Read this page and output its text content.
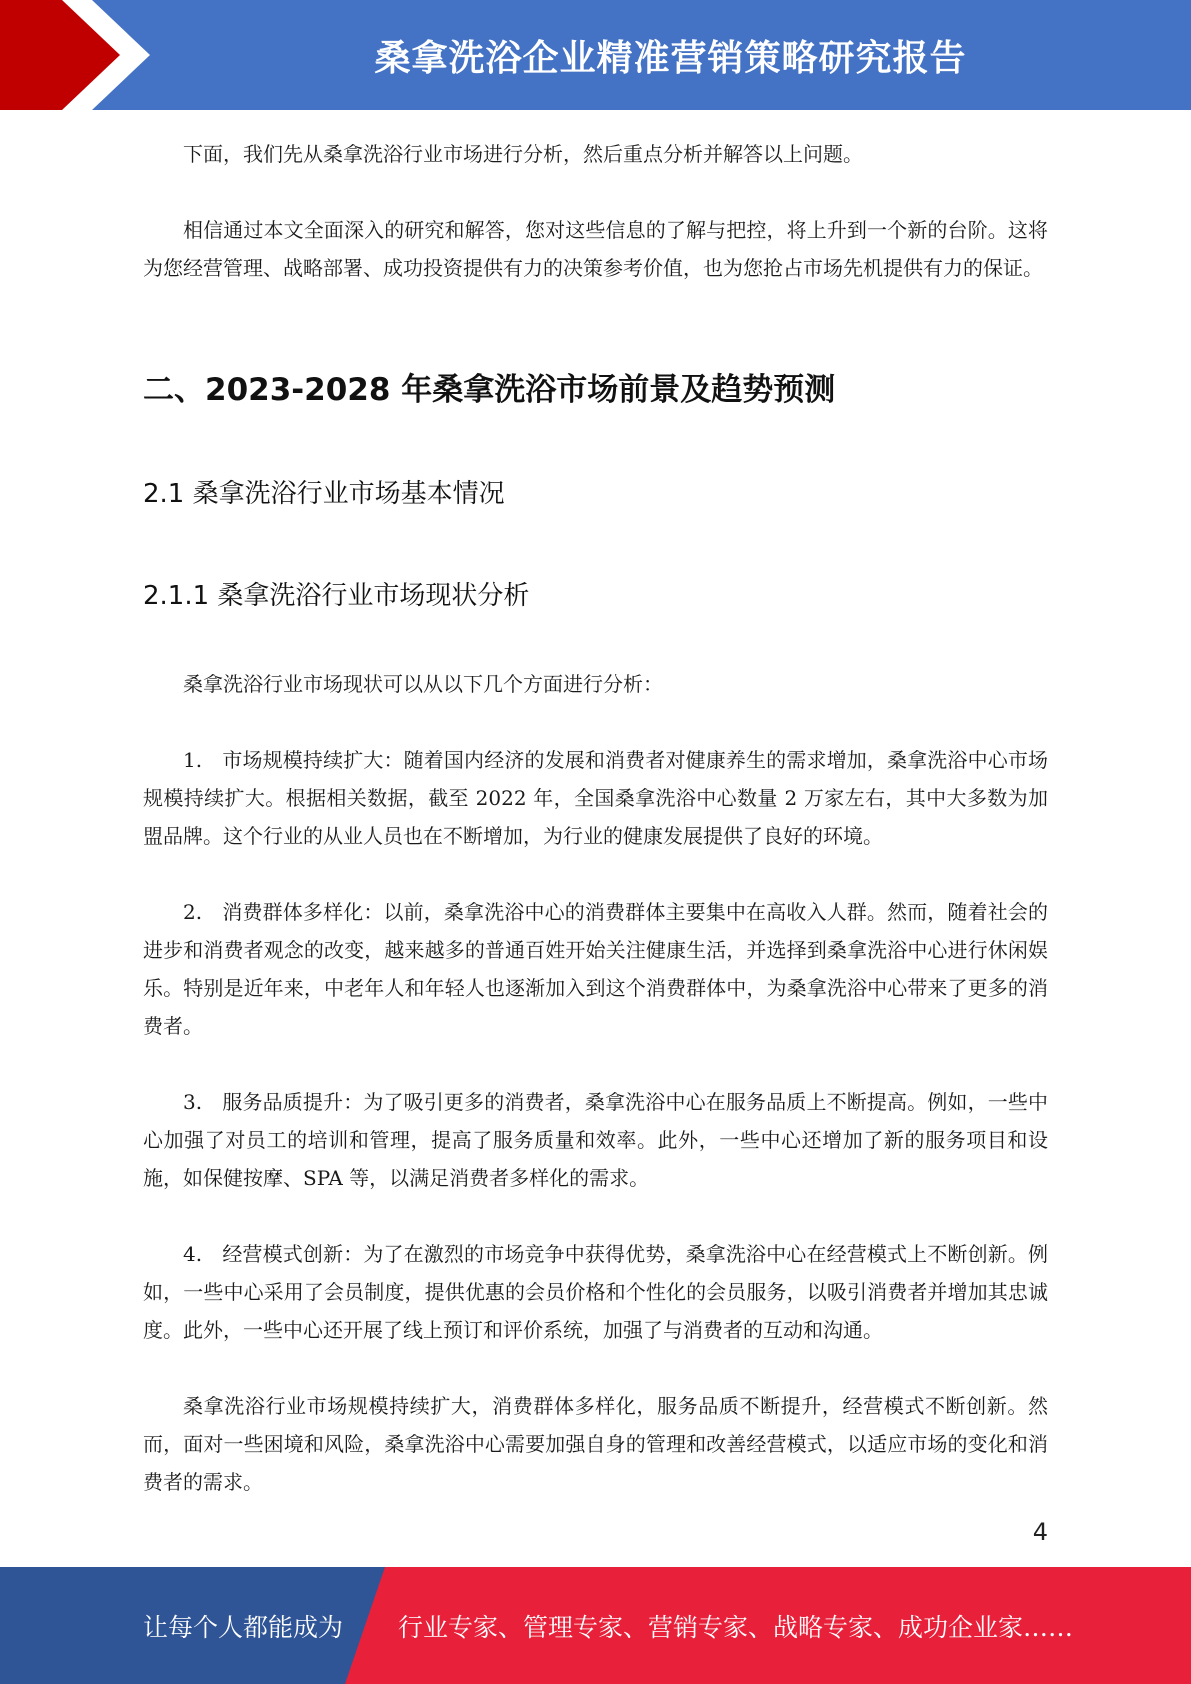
桑拿洗浴企业精准营销策略研究报告

下面，我们先从桑拿洗浴行业市场进行分析，然后重点分析并解答以上问题。

相信通过本文全面深入的研究和解答，您对这些信息的了解与把控，将上升到一个新的台阶。这将为您经营管理、战略部署、成功投资提供有力的决策参考价值，也为您抢占市场先机提供有力的保证。

二、2023-2028 年桑拿洗浴市场前景及趋势预测
2.1 桑拿洗浴行业市场基本情况
2.1.1 桑拿洗浴行业市场现状分析

桑拿洗浴行业市场现状可以从以下几个方面进行分析：

1.　市场规模持续扩大：随着国内经济的发展和消费者对健康养生的需求增加，桑拿洗浴中心市场规模持续扩大。根据相关数据，截至 2022 年，全国桑拿洗浴中心数量 2 万家左右，其中大多数为加盟品牌。这个行业的从业人员也在不断增加，为行业的健康发展提供了良好的环境。

2.　消费群体多样化：以前，桑拿洗浴中心的消费群体主要集中在高收入人群。然而，随着社会的进步和消费者观念的改变，越来越多的普通百姓开始关注健康生活，并选择到桑拿洗浴中心进行休闲娱乐。特别是近年来，中老年人和年轻人也逐渐加入到这个消费群体中，为桑拿洗浴中心带来了更多的消费者。

3.　服务品质提升：为了吸引更多的消费者，桑拿洗浴中心在服务品质上不断提高。例如，一些中心加强了对员工的培训和管理，提高了服务质量和效率。此外，一些中心还增加了新的服务项目和设施，如保健按摩、SPA 等，以满足消费者多样化的需求。

4.　经营模式创新：为了在激烈的市场竞争中获得优势，桑拿洗浴中心在经营模式上不断创新。例如，一些中心采用了会员制度，提供优惠的会员价格和个性化的会员服务，以吸引消费者并增加其忠诚度。此外，一些中心还开展了线上预订和评价系统，加强了与消费者的互动和沟通。

桑拿洗浴行业市场规模持续扩大，消费群体多样化，服务品质不断提升，经营模式不断创新。然而，面对一些困境和风险，桑拿洗浴中心需要加强自身的管理和改善经营模式，以适应市场的变化和消费者的需求。

4
让每个人都能成为 行业专家、管理专家、营销专家、战略专家、成功企业家……
